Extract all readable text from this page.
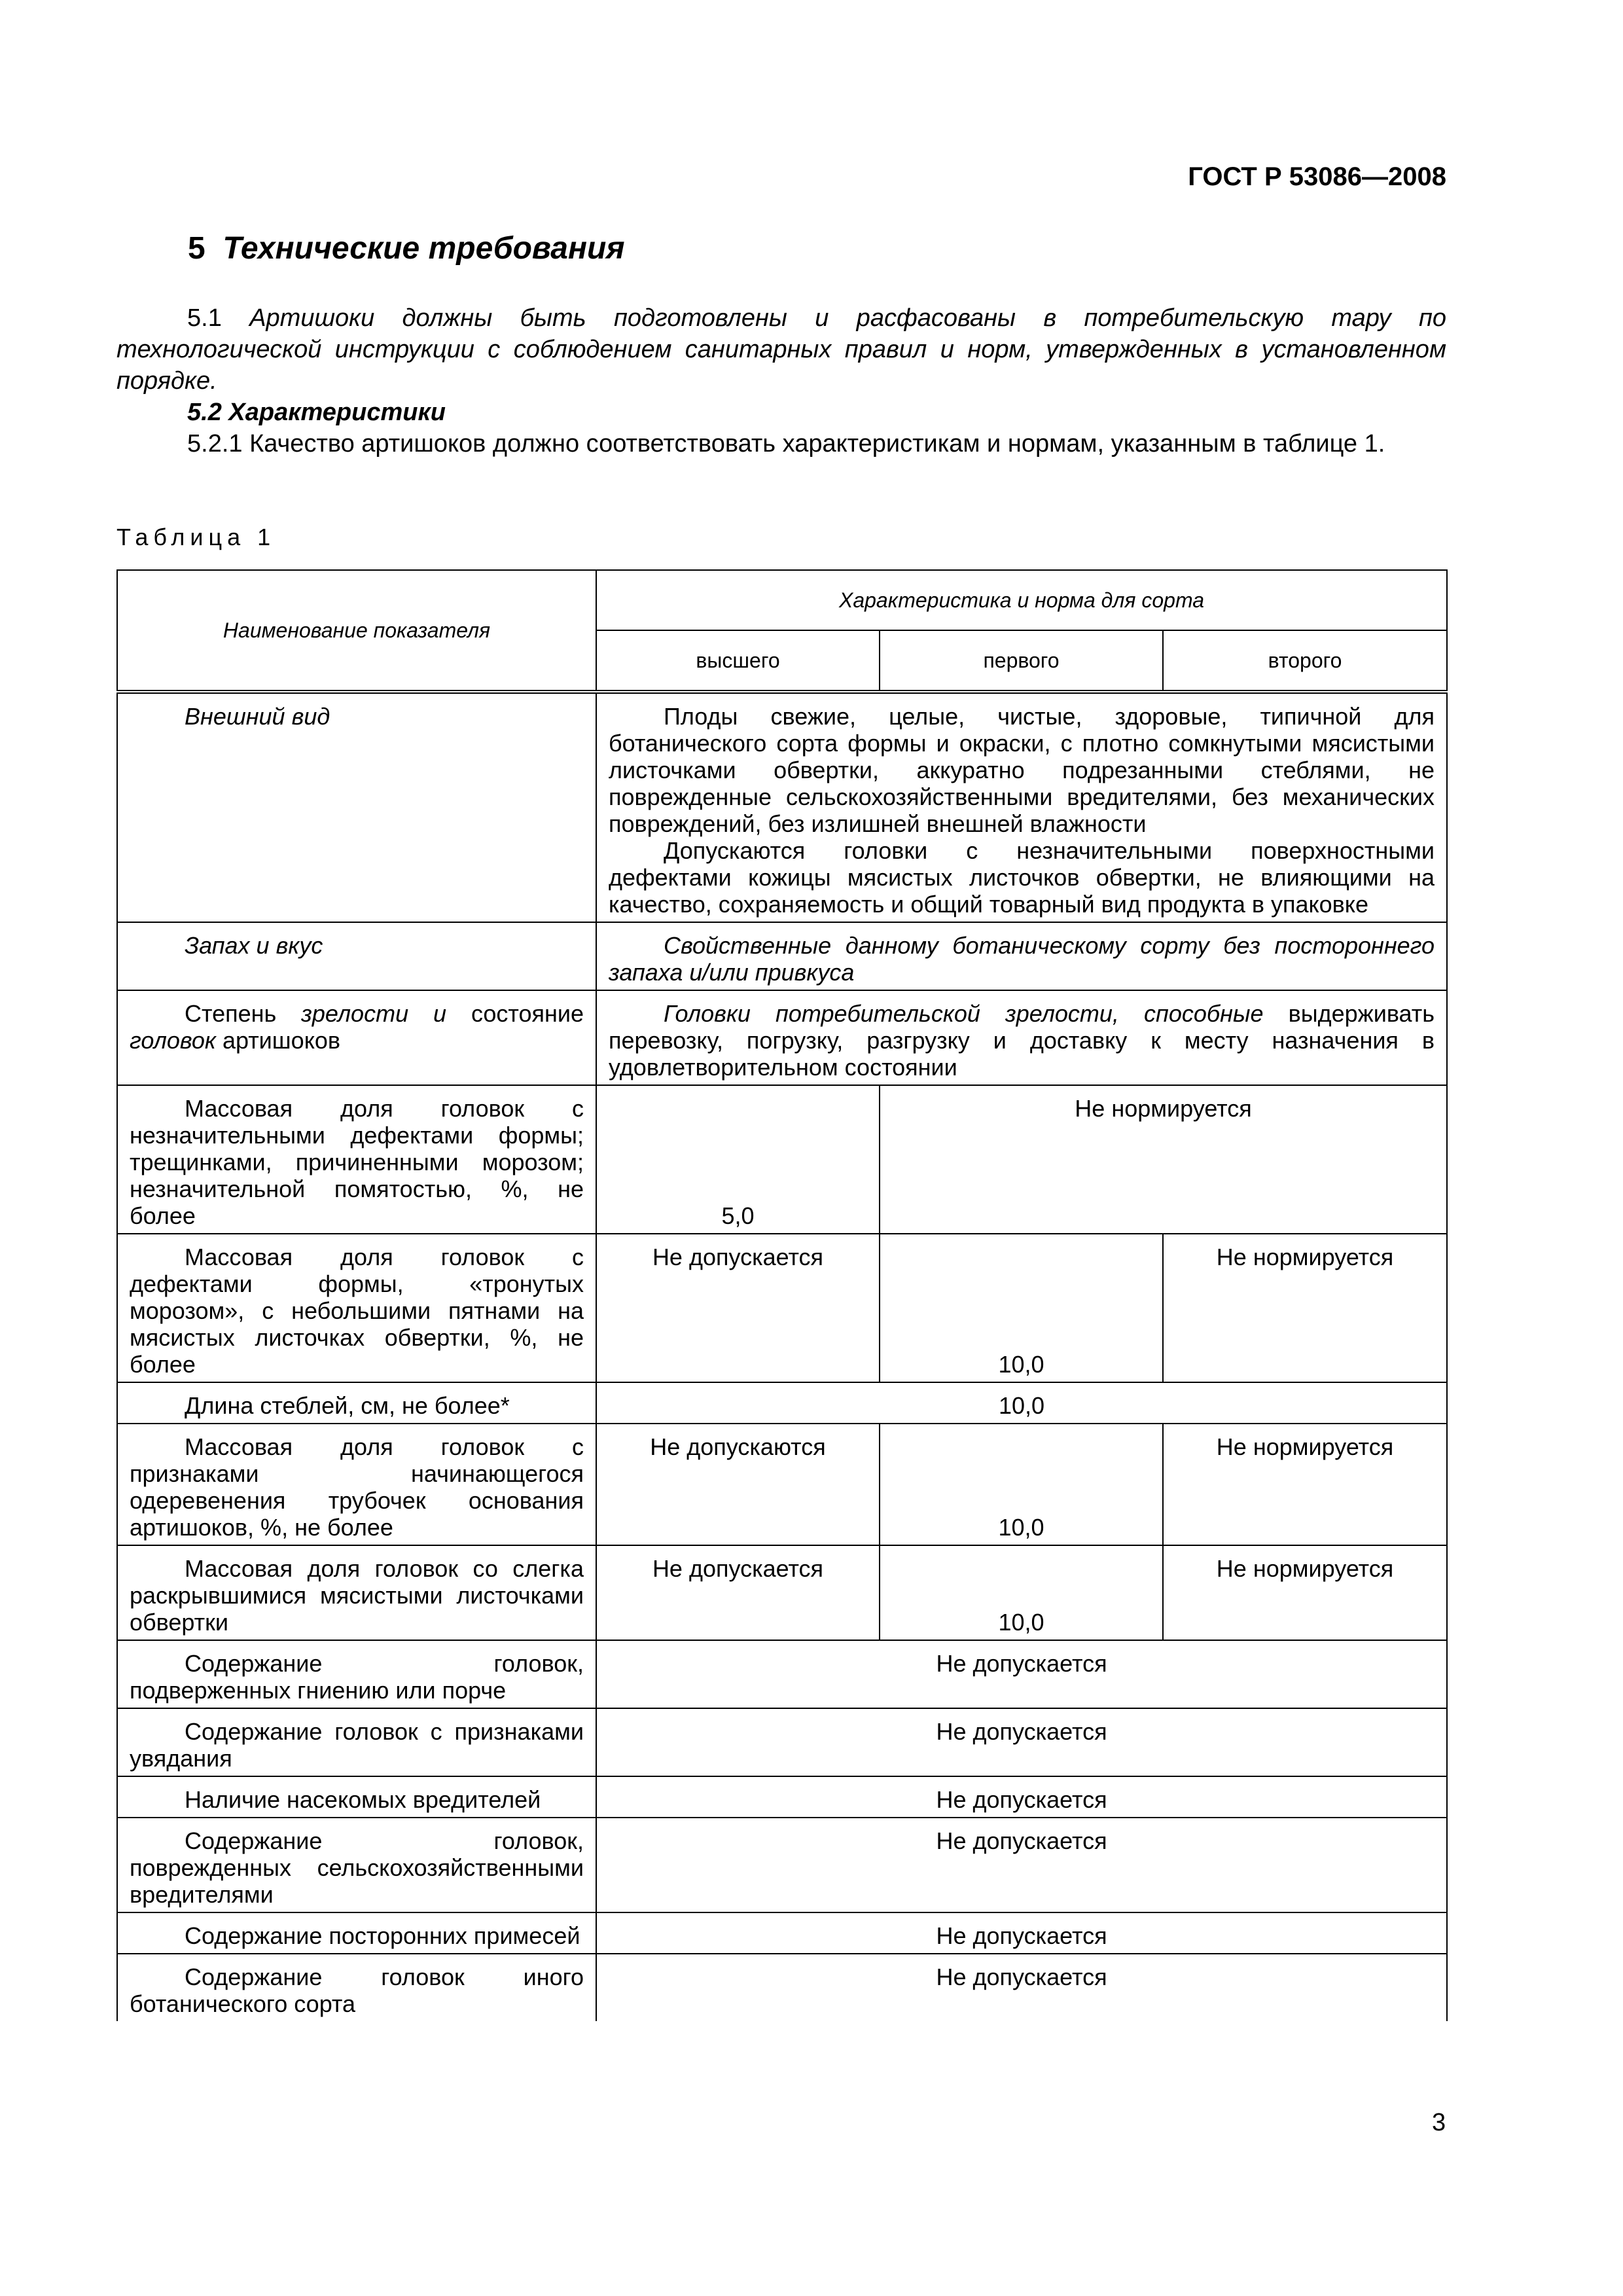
ГОСТ Р 53086—2008
5 Технические требования
5.1 Артишоки должны быть подготовлены и расфасованы в потребительскую тару по технологической инструкции с соблюдением санитарных правил и норм, утвержденных в установленном порядке.
5.2 Характеристики
5.2.1 Качество артишоков должно соответствовать характеристикам и нормам, указанным в таблице 1.
Таблица 1
Наименование показателя	Характеристика и норма для сорта		
	высшего	первого	второго
Внешний вид	Плоды свежие, целые, чистые, здоровые, типичной для ботанического сорта формы и окраски, с плотно сомкнутыми мясистыми листочками обвертки, аккуратно подрезанными стеблями, не поврежденные сельскохозяйственными вредителями, без механических повреждений, без излишней внешней влажности

Допускаются головки с незначительными поверхностными дефектами кожицы мясистых листочков обвертки, не влияющими на качество, сохраняемость и общий товарный вид продукта в упаковке		

Запах и вкус	Свойственные данному ботаническому сорту без постороннего запаха и/или привкуса		
Степень зрелости и состояние головок артишоков	Головки потребительской зрелости, способные выдерживать перевозку, погрузку, разгрузку и доставку к месту назначения в удовлетворительном состоянии		
Массовая доля головок с незначительными дефектами формы; трещинками, причиненными морозом; незначительной помятостью, %, не более	5,0	Не нормируется	
Массовая доля головок с дефектами формы, «тронутых морозом», с небольшими пятнами на мясистых листочках обвертки, %, не более	Не допускается	10,0	Не нормируется
Длина стеблей, см, не более*	10,0		
Массовая доля головок с признаками начинающегося одеревенения трубочек основания артишоков, %, не более	Не допускаются	10,0	Не нормируется
Массовая доля головок со слегка раскрывшимися мясистыми листочками обвертки	Не допускается	10,0	Не нормируется
Содержание головок, подверженных гниению или порче	Не допускается		
Содержание головок с признаками увядания	Не допускается		
Наличие насекомых вредителей	Не допускается		
Содержание головок, поврежденных сельскохозяйственными вредителями	Не допускается		
Содержание посторонних примесей	Не допускается		
Содержание головок иного ботанического сорта	Не допускается		
3
